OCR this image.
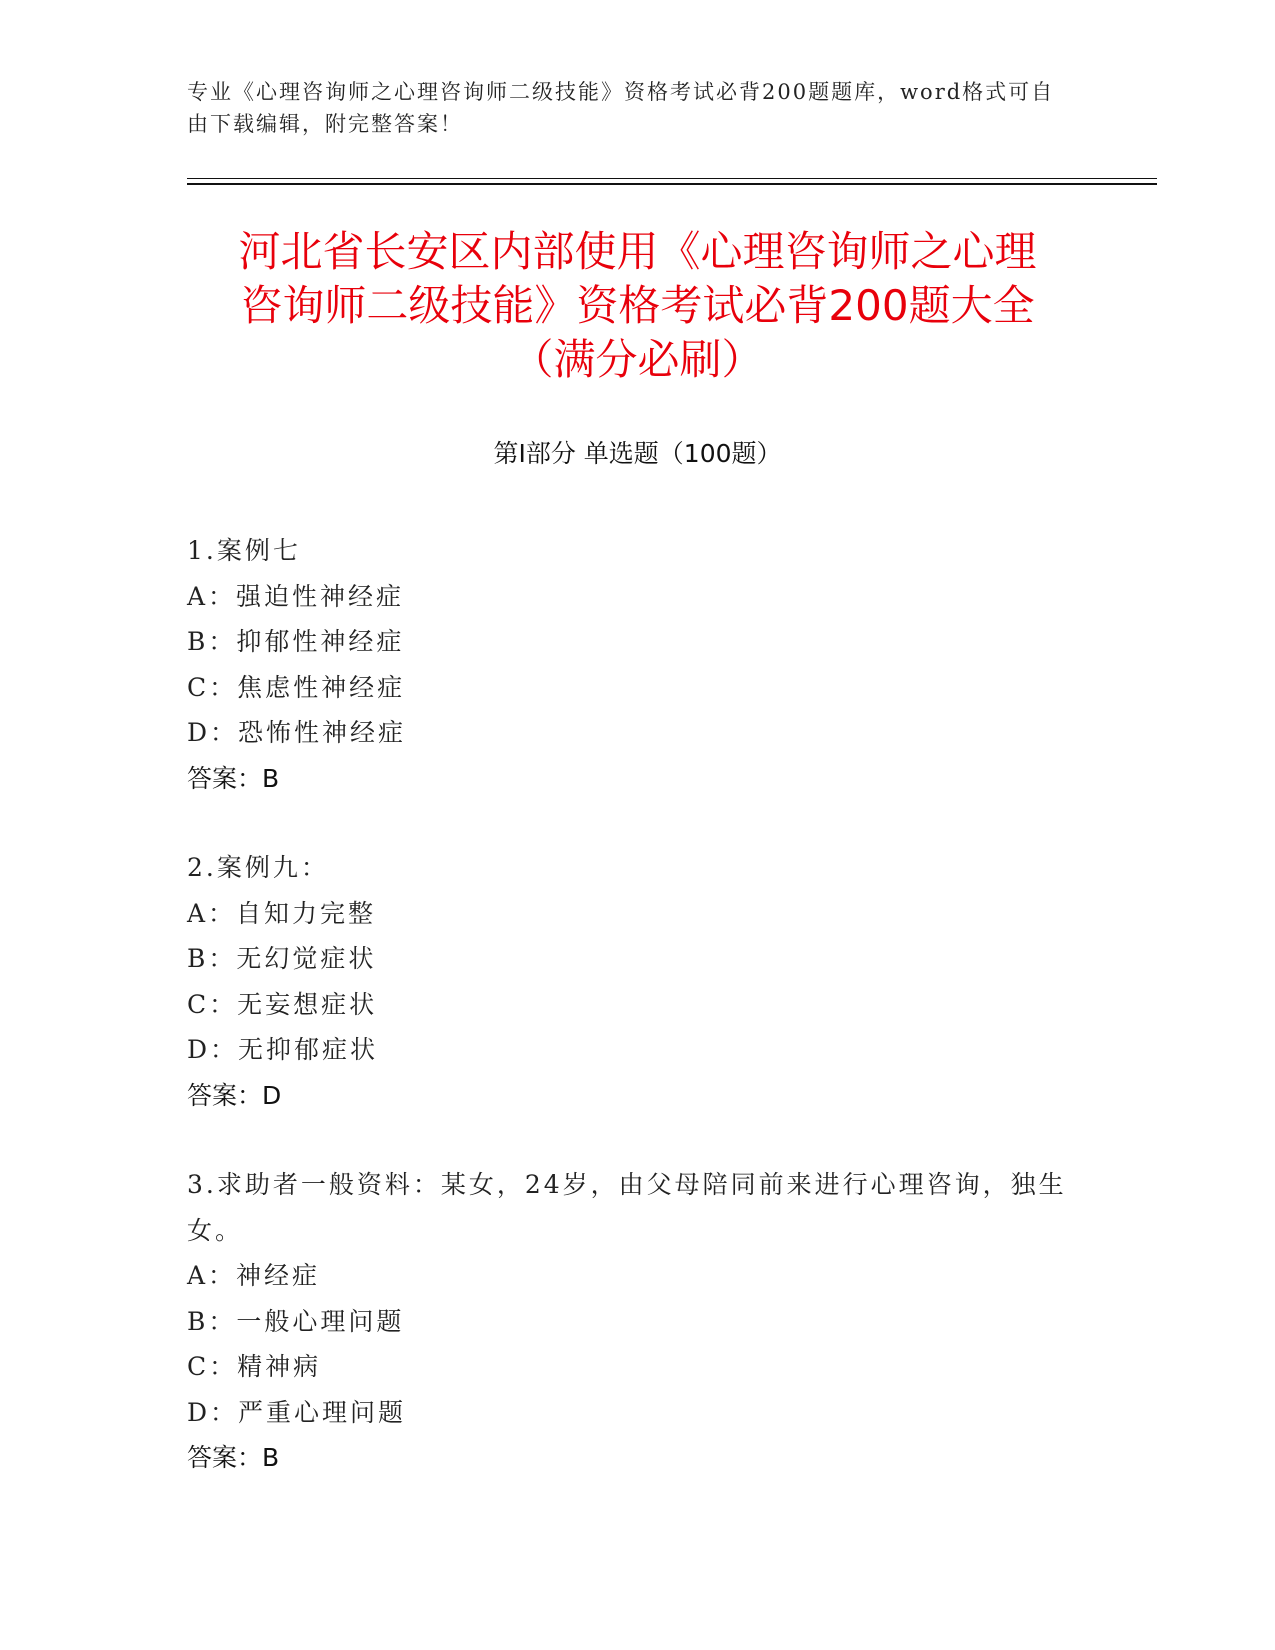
专业《心理咨询师之心理咨询师二级技能》资格考试必背200题题库，word格式可自由下载编辑，附完整答案！
河北省长安区内部使用《心理咨询师之心理
咨询师二级技能》资格考试必背200题大全
（满分必刷）
第Ⅰ部分 单选题（100题）
1.案例七
A：强迫性神经症
B：抑郁性神经症
C：焦虑性神经症
D：恐怖性神经症
答案：B
2.案例九：
A：自知力完整
B：无幻觉症状
C：无妄想症状
D：无抑郁症状
答案：D
3.求助者一般资料：某女，24岁，由父母陪同前来进行心理咨询，独生女。
A：神经症
B：一般心理问题
C：精神病
D：严重心理问题
答案：B
